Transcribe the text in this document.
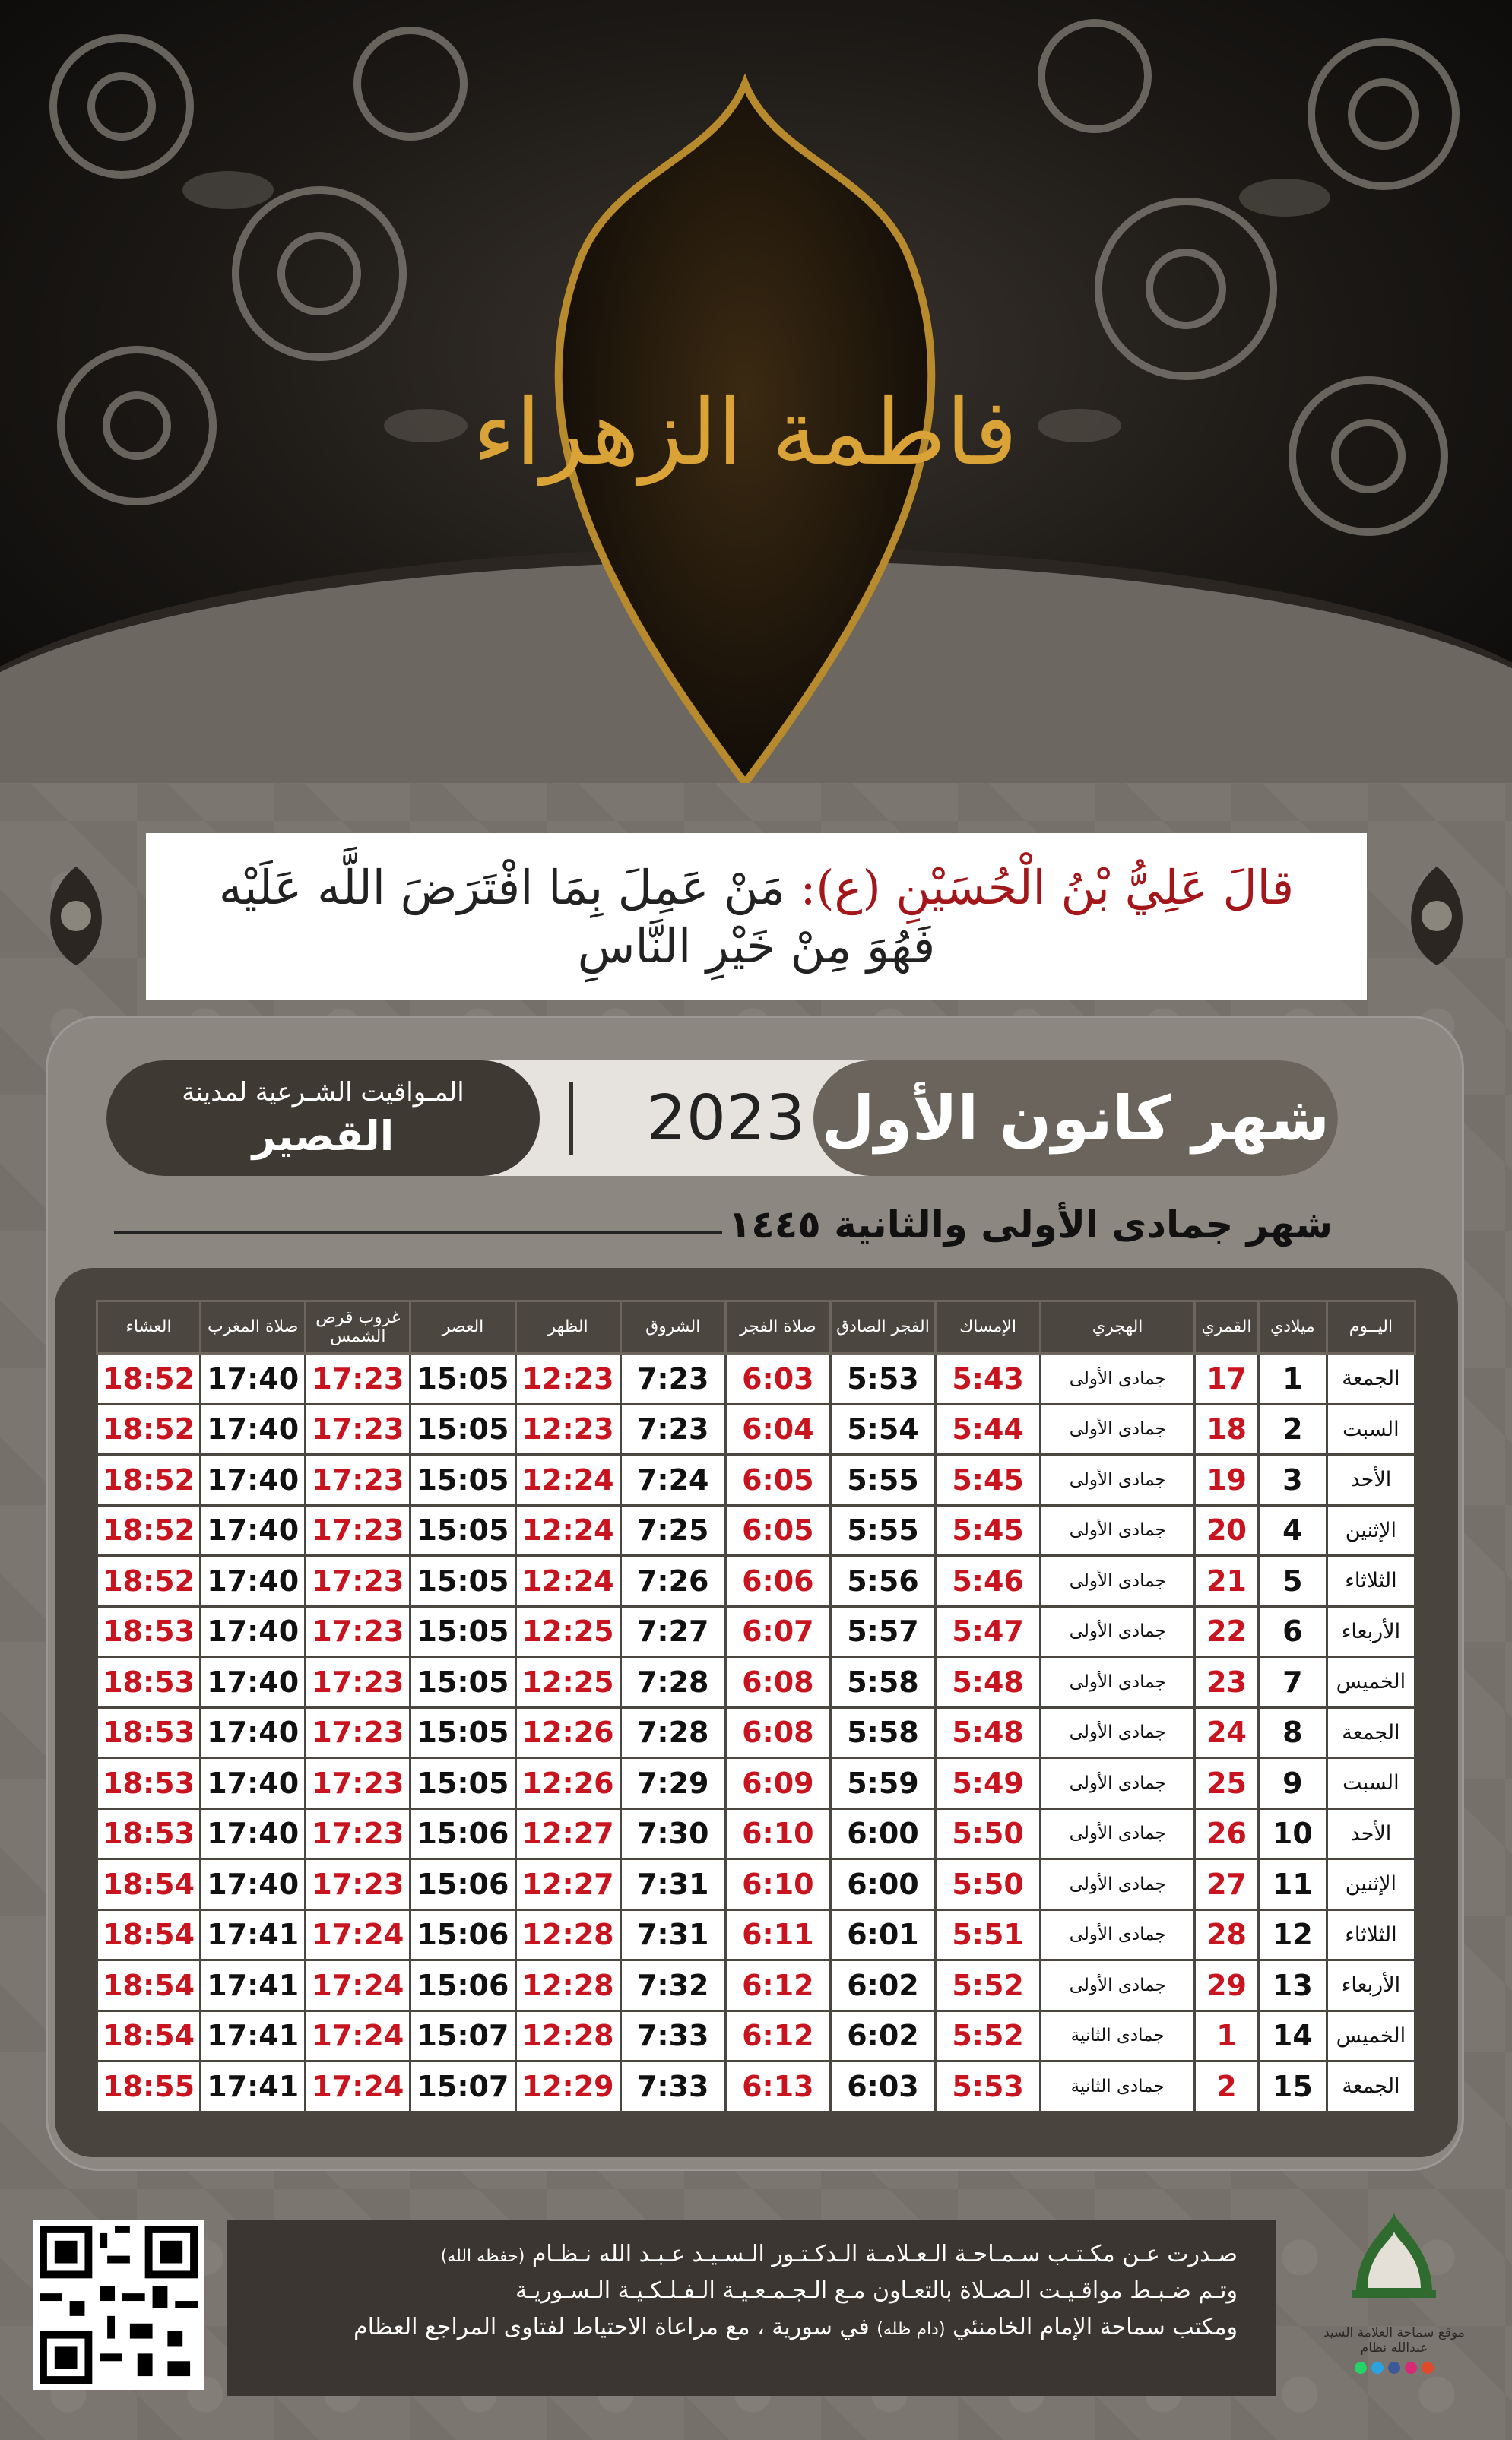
فاطمة الزهراء
قالَ عَلِيُّ بْنُ الْحُسَيْنِ (ع): مَنْ عَمِلَ بِمَا افْتَرَضَ اللَّه عَلَيْه
فَهُوَ مِنْ خَيْرِ النَّاسِ
شهر كانون الأول
2023
المـواقيت الشـرعية لمدينة
القصير
شهر جمادى الأولى والثانية ١٤٤٥
اليــوم	ميلادي	القمري	الهجري	الإمساك	الفجر الصادق	صلاة الفجر	الشروق	الظهر	العصر	غروب قرص الشمس	صلاة المغرب	العشاء
الجمعة	1	17	جمادى الأولى	5:43	5:53	6:03	7:23	12:23	15:05	17:23	17:40	18:52
السبت	2	18	جمادى الأولى	5:44	5:54	6:04	7:23	12:23	15:05	17:23	17:40	18:52
الأحد	3	19	جمادى الأولى	5:45	5:55	6:05	7:24	12:24	15:05	17:23	17:40	18:52
الإثنين	4	20	جمادى الأولى	5:45	5:55	6:05	7:25	12:24	15:05	17:23	17:40	18:52
الثلاثاء	5	21	جمادى الأولى	5:46	5:56	6:06	7:26	12:24	15:05	17:23	17:40	18:52
الأربعاء	6	22	جمادى الأولى	5:47	5:57	6:07	7:27	12:25	15:05	17:23	17:40	18:53
الخميس	7	23	جمادى الأولى	5:48	5:58	6:08	7:28	12:25	15:05	17:23	17:40	18:53
الجمعة	8	24	جمادى الأولى	5:48	5:58	6:08	7:28	12:26	15:05	17:23	17:40	18:53
السبت	9	25	جمادى الأولى	5:49	5:59	6:09	7:29	12:26	15:05	17:23	17:40	18:53
الأحد	10	26	جمادى الأولى	5:50	6:00	6:10	7:30	12:27	15:06	17:23	17:40	18:53
الإثنين	11	27	جمادى الأولى	5:50	6:00	6:10	7:31	12:27	15:06	17:23	17:40	18:54
الثلاثاء	12	28	جمادى الأولى	5:51	6:01	6:11	7:31	12:28	15:06	17:24	17:41	18:54
الأربعاء	13	29	جمادى الأولى	5:52	6:02	6:12	7:32	12:28	15:06	17:24	17:41	18:54
الخميس	14	1	جمادى الثانية	5:52	6:02	6:12	7:33	12:28	15:07	17:24	17:41	18:54
الجمعة	15	2	جمادى الثانية	5:53	6:03	6:13	7:33	12:29	15:07	17:24	17:41	18:55
صـدرت عـن مكـتـب سـمـاحـة الـعـلامـة الـدكـتـور الـسـيـد عـبـد الله نـظـام (حفظه الله)
وتـم ضـبـط مواقـيـت الـصـلاة بالتعـاون مـع الـجـمـعـيـة الـفـلـكـيـة الـسـوريـة
ومكتب سماحة الإمام الخامنئي (دام ظله) في سورية ، مع مراعاة الاحتياط لفتاوى المراجع العظام	موقع سماحة العلامة السيد عبدالله نظام
